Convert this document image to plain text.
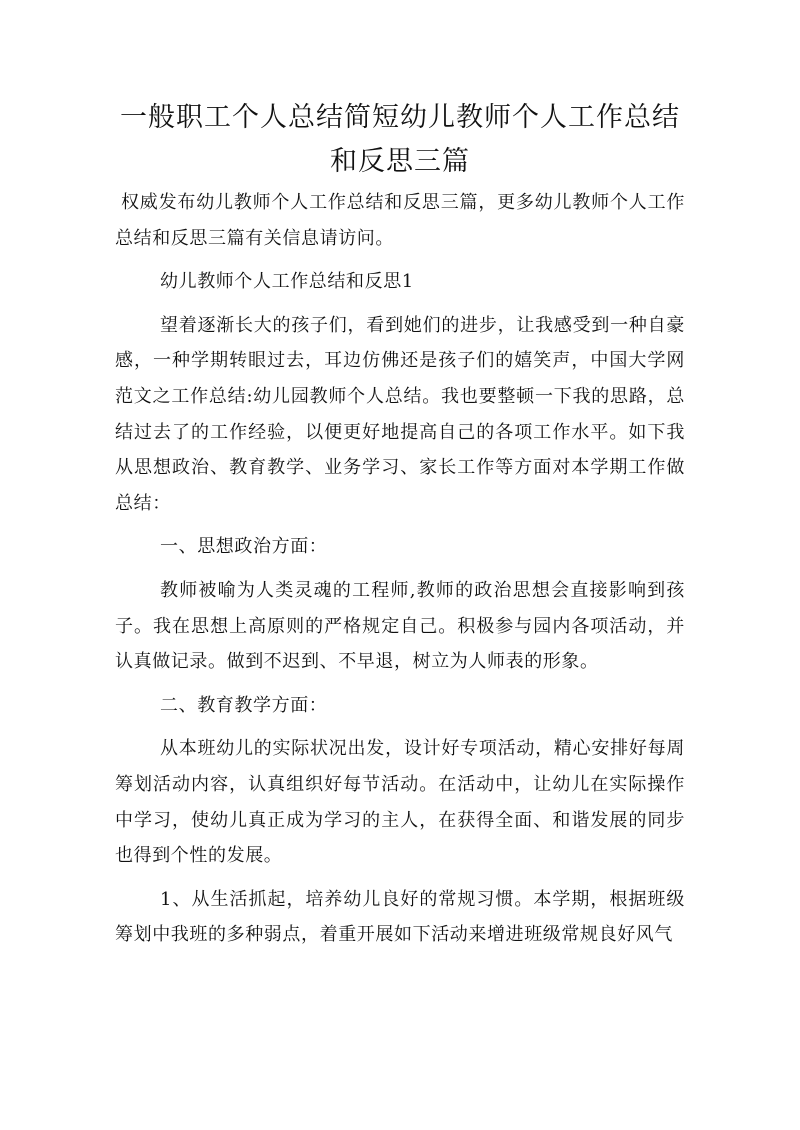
一般职工个人总结简短幼儿教师个人工作总结和反思三篇

权威发布幼儿教师个人工作总结和反思三篇，更多幼儿教师个人工作总结和反思三篇有关信息请访问。

幼儿教师个人工作总结和反思1

望着逐渐长大的孩子们，看到她们的进步，让我感受到一种自豪感，一种学期转眼过去，耳边仿佛还是孩子们的嬉笑声，中国大学网范文之工作总结:幼儿园教师个人总结。我也要整顿一下我的思路，总结过去了的工作经验，以便更好地提高自己的各项工作水平。如下我从思想政治、教育教学、业务学习、家长工作等方面对本学期工作做总结：

一、思想政治方面：

教师被喻为人类灵魂的工程师,教师的政治思想会直接影响到孩子。我在思想上高原则的严格规定自己。积极参与园内各项活动，并认真做记录。做到不迟到、不早退，树立为人师表的形象。

二、教育教学方面：

从本班幼儿的实际状况出发，设计好专项活动，精心安排好每周筹划活动内容，认真组织好每节活动。在活动中，让幼儿在实际操作中学习，使幼儿真正成为学习的主人，在获得全面、和谐发展的同步也得到个性的发展。

1、从生活抓起，培养幼儿良好的常规习惯。本学期，根据班级筹划中我班的多种弱点，着重开展如下活动来增进班级常规良好风气
